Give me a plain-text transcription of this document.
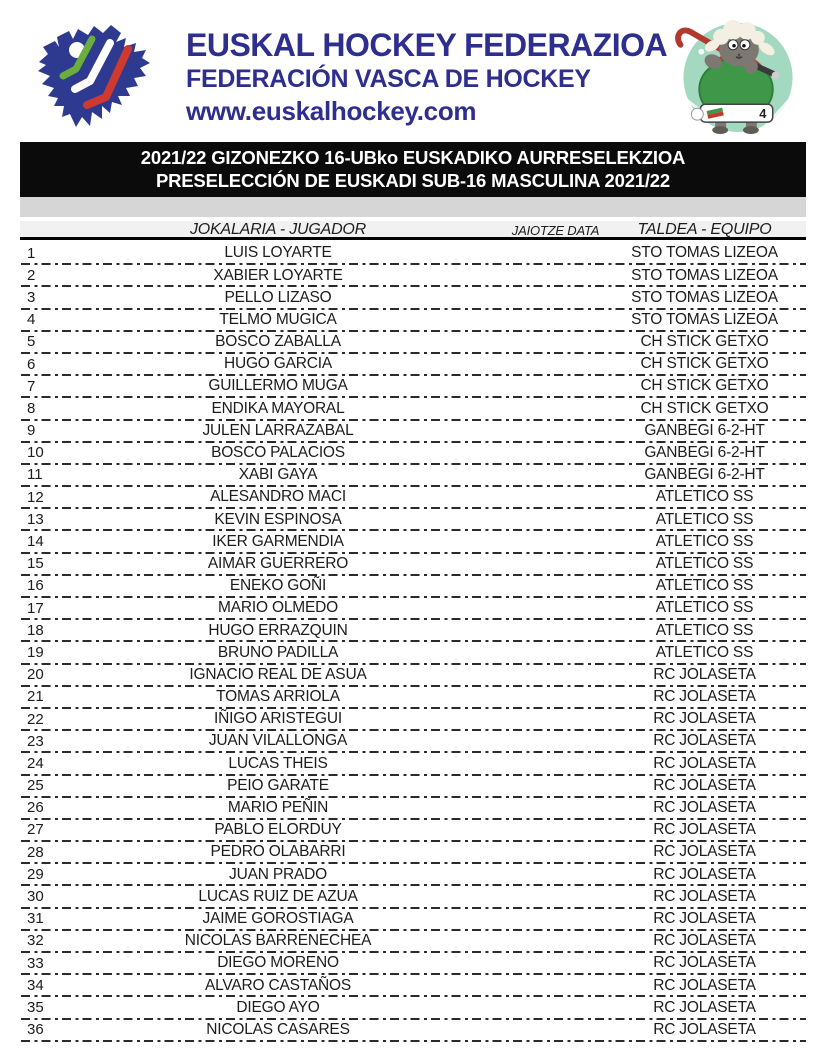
EUSKAL HOCKEY FEDERAZIOA
FEDERACIÓN VASCA DE HOCKEY
www.euskalhockey.com	4
2021/22 GIZONEZKO 16-UBko EUSKADIKO AURRESELEKZIOA
PRESELECCIÓN DE EUSKADI SUB-16 MASCULINA 2021/22
JOKALARIA - JUGADOR	JAIOTZE DATA	TALDEA - EQUIPO
1	LUIS LOYARTE	STO TOMAS LIZEOA
2	XABIER LOYARTE	STO TOMAS LIZEOA
3	PELLO LIZASO	STO TOMAS LIZEOA
4	TELMO MUGICA	STO TOMAS LIZEOA
5	BOSCO ZABALLA	CH STICK GETXO
6	HUGO GARCIA	CH STICK GETXO
7	GUILLERMO MUGA	CH STICK GETXO
8	ENDIKA MAYORAL	CH STICK GETXO
9	JULEN LARRAZABAL	GANBEGI 6-2-HT
10	BOSCO PALACIOS	GANBEGI 6-2-HT
11	XABI GAYA	GANBEGI 6-2-HT
12	ALESANDRO MACI	ATLETICO SS
13	KEVIN ESPINOSA	ATLETICO SS
14	IKER GARMENDIA	ATLETICO SS
15	AIMAR GUERRERO	ATLETICO SS
16	ENEKO GOÑI	ATLETICO SS
17	MARIO OLMEDO	ATLETICO SS
18	HUGO ERRAZQUIN	ATLETICO SS
19	BRUNO PADILLA	ATLETICO SS
20	IGNACIO REAL DE ASUA	RC JOLASETA
21	TOMAS ARRIOLA	RC JOLASETA
22	IÑIGO ARISTEGUI	RC JOLASETA
23	JUAN VILALLONGA	RC JOLASETA
24	LUCAS THEIS	RC JOLASETA
25	PEIO GARATE	RC JOLASETA
26	MARIO PEÑIN	RC JOLASETA
27	PABLO ELORDUY	RC JOLASETA
28	PEDRO OLABARRI	RC JOLASETA
29	JUAN PRADO	RC JOLASETA
30	LUCAS RUIZ DE AZUA	RC JOLASETA
31	JAIME GOROSTIAGA	RC JOLASETA
32	NICOLAS BARRENECHEA	RC JOLASETA
33	DIEGO MORENO	RC JOLASETA
34	ALVARO CASTAÑOS	RC JOLASETA
35	DIEGO AYO	RC JOLASETA
36	NICOLAS CASARES	RC JOLASETA
